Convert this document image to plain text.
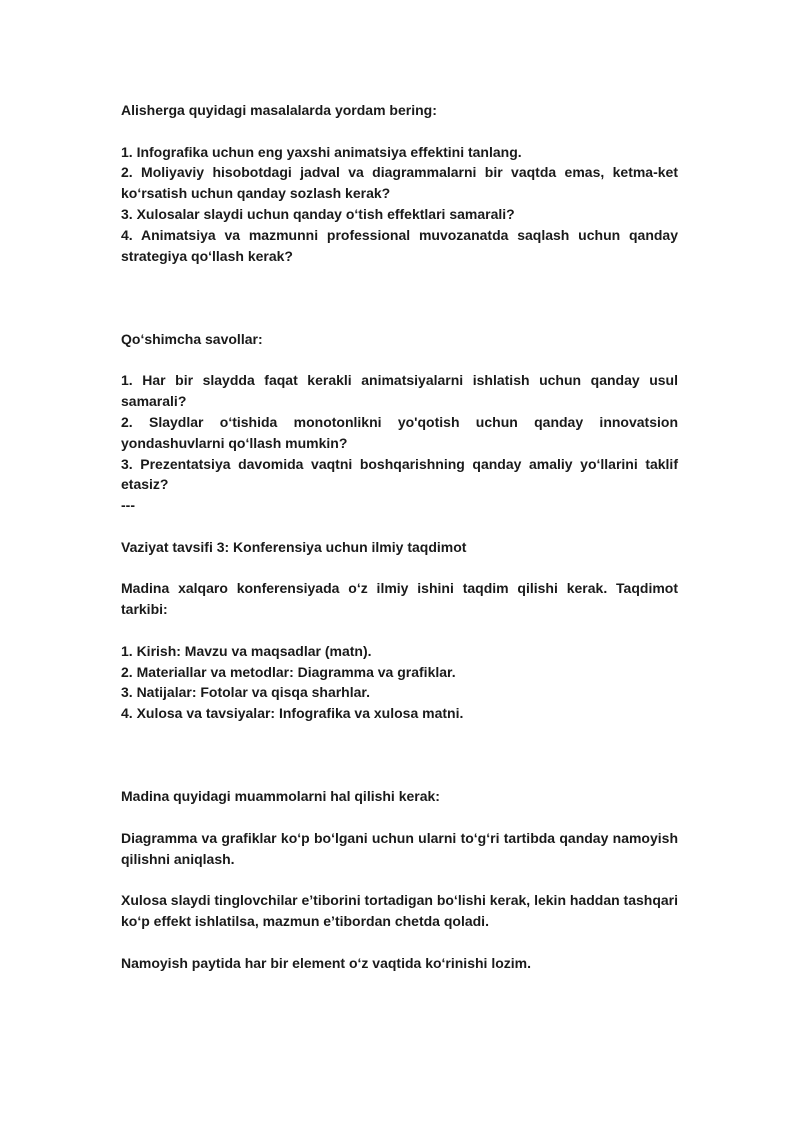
Alisherga quyidagi masalalarda yordam bering:

1. Infografika uchun eng yaxshi animatsiya effektini tanlang.

2. Moliyaviy hisobotdagi jadval va diagrammalarni bir vaqtda emas, ketma-ket ko‘rsatish uchun qanday sozlash kerak?

3. Xulosalar slaydi uchun qanday o‘tish effektlari samarali?

4. Animatsiya va mazmunni professional muvozanatda saqlash uchun qanday strategiya qo‘llash kerak?

Qo‘shimcha savollar:

1. Har bir slaydda faqat kerakli animatsiyalarni ishlatish uchun qanday usul samarali?

2. Slaydlar o‘tishida monotonlikni yo'qotish uchun qanday innovatsion yondashuvlarni qo‘llash mumkin?

3. Prezentatsiya davomida vaqtni boshqarishning qanday amaliy yo‘llarini taklif etasiz?

---

Vaziyat tavsifi 3: Konferensiya uchun ilmiy taqdimot

Madina xalqaro konferensiyada o‘z ilmiy ishini taqdim qilishi kerak. Taqdimot tarkibi:

1. Kirish: Mavzu va maqsadlar (matn).

2. Materiallar va metodlar: Diagramma va grafiklar.

3. Natijalar: Fotolar va qisqa sharhlar.

4. Xulosa va tavsiyalar: Infografika va xulosa matni.

Madina quyidagi muammolarni hal qilishi kerak:

Diagramma va grafiklar ko‘p bo‘lgani uchun ularni to‘g‘ri tartibda qanday namoyish qilishni aniqlash.

Xulosa slaydi tinglovchilar e’tiborini tortadigan bo‘lishi kerak, lekin haddan tashqari ko‘p effekt ishlatilsa, mazmun e’tibordan chetda qoladi.

Namoyish paytida har bir element o‘z vaqtida ko‘rinishi lozim.
